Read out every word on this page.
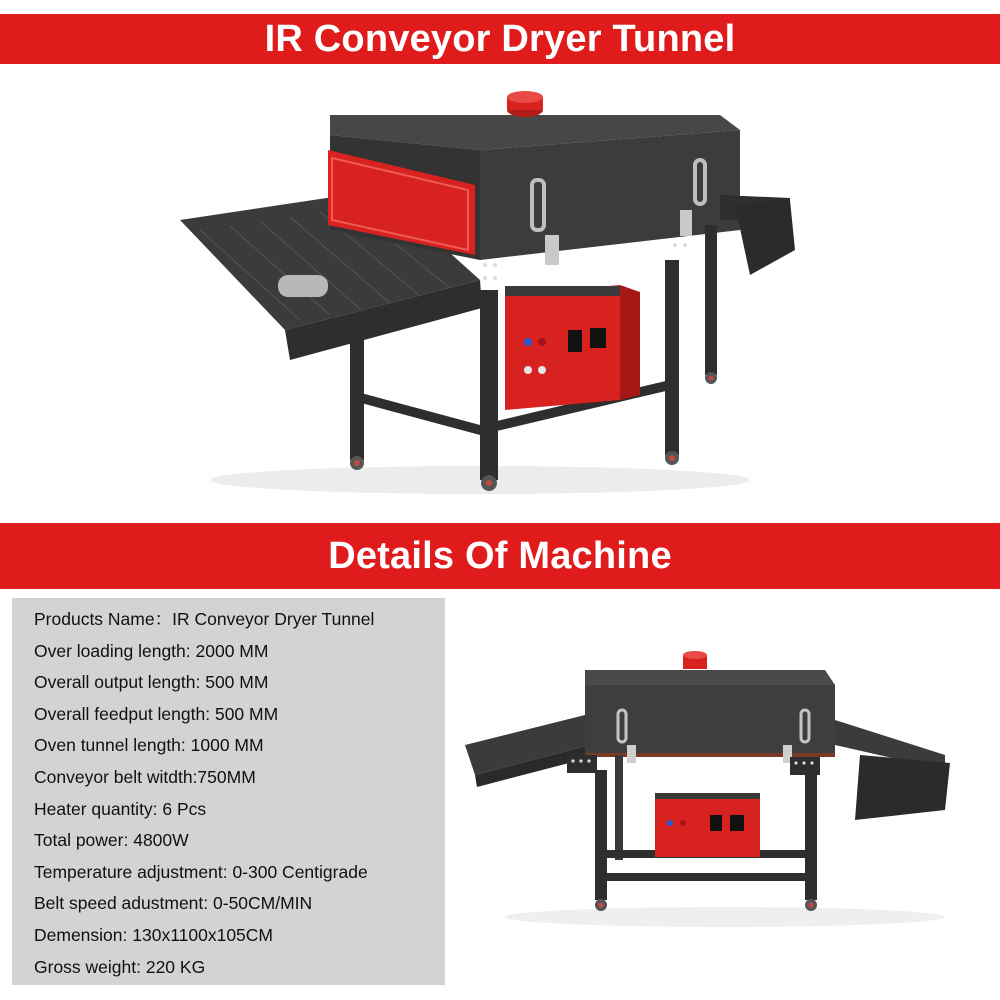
IR Conveyor Dryer Tunnel
Details Of Machine
Products Name：IR Conveyor Dryer Tunnel
Over loading length: 2000 MM
Overall output length: 500 MM
Overall feedput length: 500 MM
Oven tunnel length: 1000 MM
Conveyor belt witdth:750MM
Heater quantity: 6 Pcs
Total power: 4800W
Temperature adjustment: 0-300 Centigrade
Belt speed adustment: 0-50CM/MIN
Demension: 130x1100x105CM
Gross weight: 220 KG
